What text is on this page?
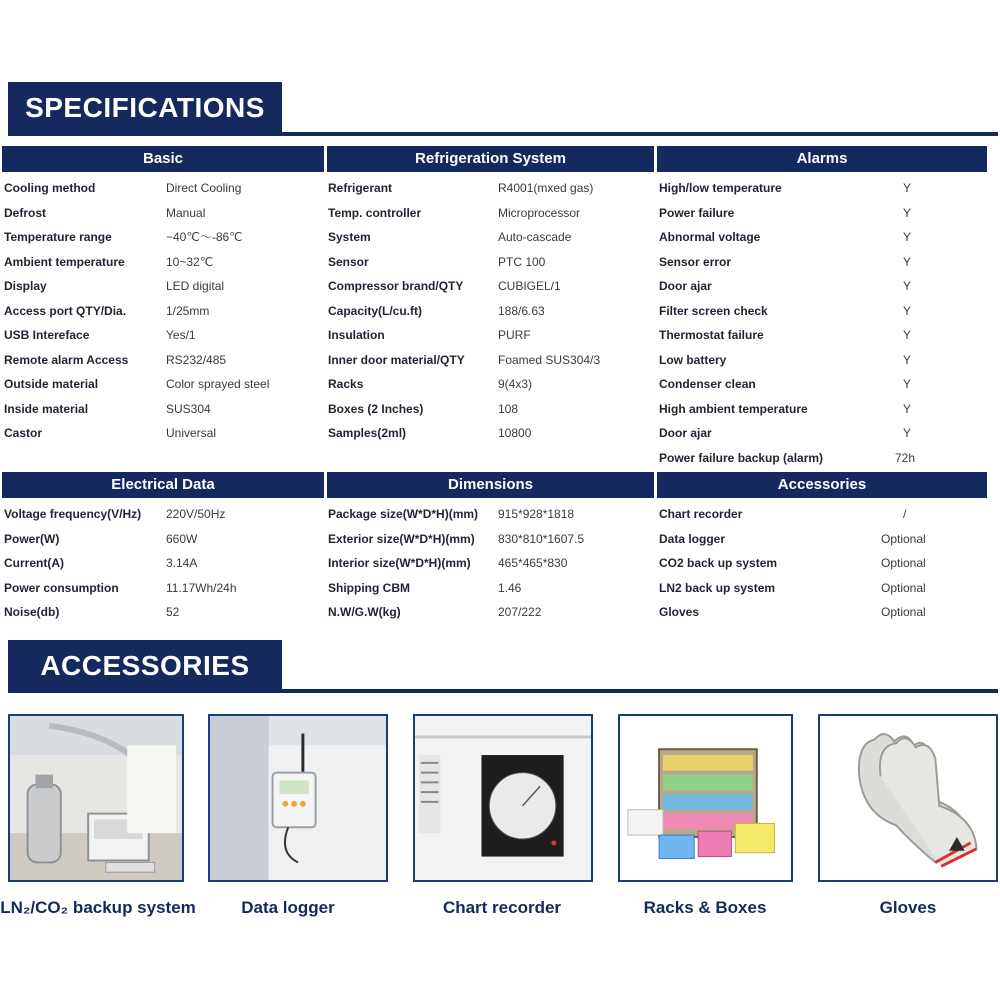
SPECIFICATIONS
Basic	Refrigeration System	Alarms
Cooling method	Direct Cooling
Defrost	Manual
Temperature range	−40℃～-86℃
Ambient temperature	10~32℃
Display	LED digital
Access port QTY/Dia.	1/25mm
USB Intereface	Yes/1
Remote alarm Access	RS232/485
Outside material	Color sprayed steel
Inside material	SUS304
Castor	Universal
Refrigerant	R4001(mxed gas)
Temp. controller	Microprocessor
System	Auto-cascade
Sensor	PTC 100
Compressor brand/QTY	CUBIGEL/1
Capacity(L/cu.ft)	188/6.63
Insulation	PURF
Inner door material/QTY	Foamed SUS304/3
Racks	9(4x3)
Boxes (2 Inches)	108
Samples(2ml)	10800
High/low temperature	Y
Power failure	Y
Abnormal voltage	Y
Sensor error	Y
Door ajar	Y
Filter screen check	Y
Thermostat failure	Y
Low battery	Y
Condenser clean	Y
High ambient temperature	Y
Door ajar	Y
Power failure backup (alarm)	72h
Electrical Data	Dimensions	Accessories
Voltage frequency(V/Hz) 220V/50Hz
Power(W)	660W
Current(A)	3.14A
Power consumption	11.17Wh/24h
Noise(db)	52
Package size(W*D*H)(mm) 915*928*1818
Exterior size(W*D*H)(mm) 830*810*1607.5
Interior size(W*D*H)(mm) 465*465*830
Shipping CBM	1.46
N.W/G.W(kg)	207/222
Chart recorder	/
Data logger	Optional
CO2 back up system	Optional
LN2 back up system	Optional
Gloves	Optional
ACCESSORIES
LN₂/CO₂ backup system	Data logger	Chart recorder	Racks & Boxes	Gloves
